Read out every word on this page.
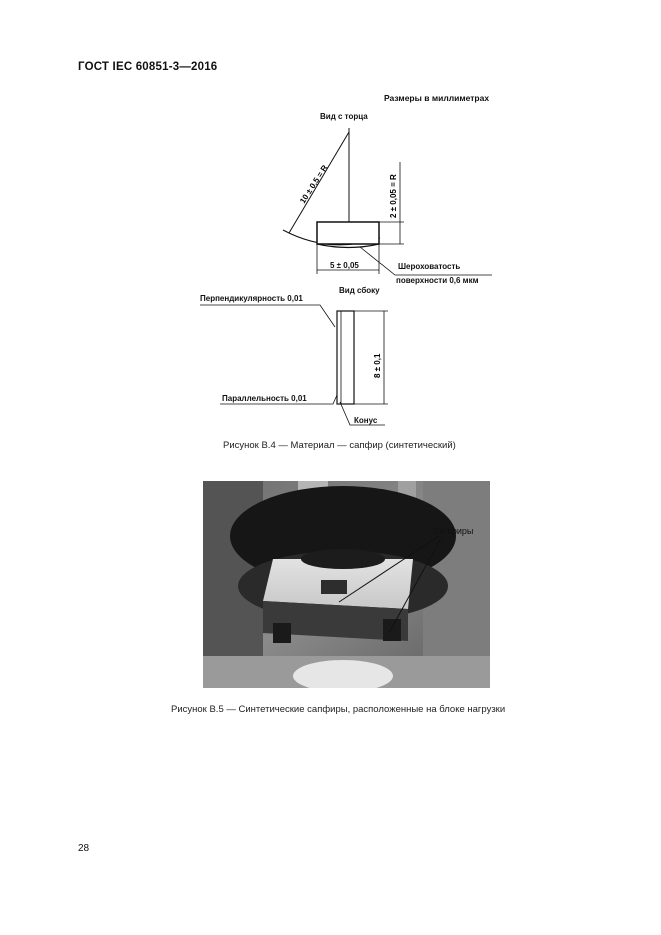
ГОСТ IEC 60851-3—2016
Размеры в миллиметрах
10 ± 0,5 = R	2 ± 0,05 = R
8 ± 0,1
Вид с торца
5 ± 0,05	Шероховатость
поверхности 0,6 мкм
Вид сбоку
Перпендикулярность 0,01
Параллельность 0,01
Конус
Рисунок В.4 — Материал — сапфир (синтетический)
Сапфиры
Рисунок В.5 — Синтетические сапфиры, расположенные на блоке нагрузки
28
